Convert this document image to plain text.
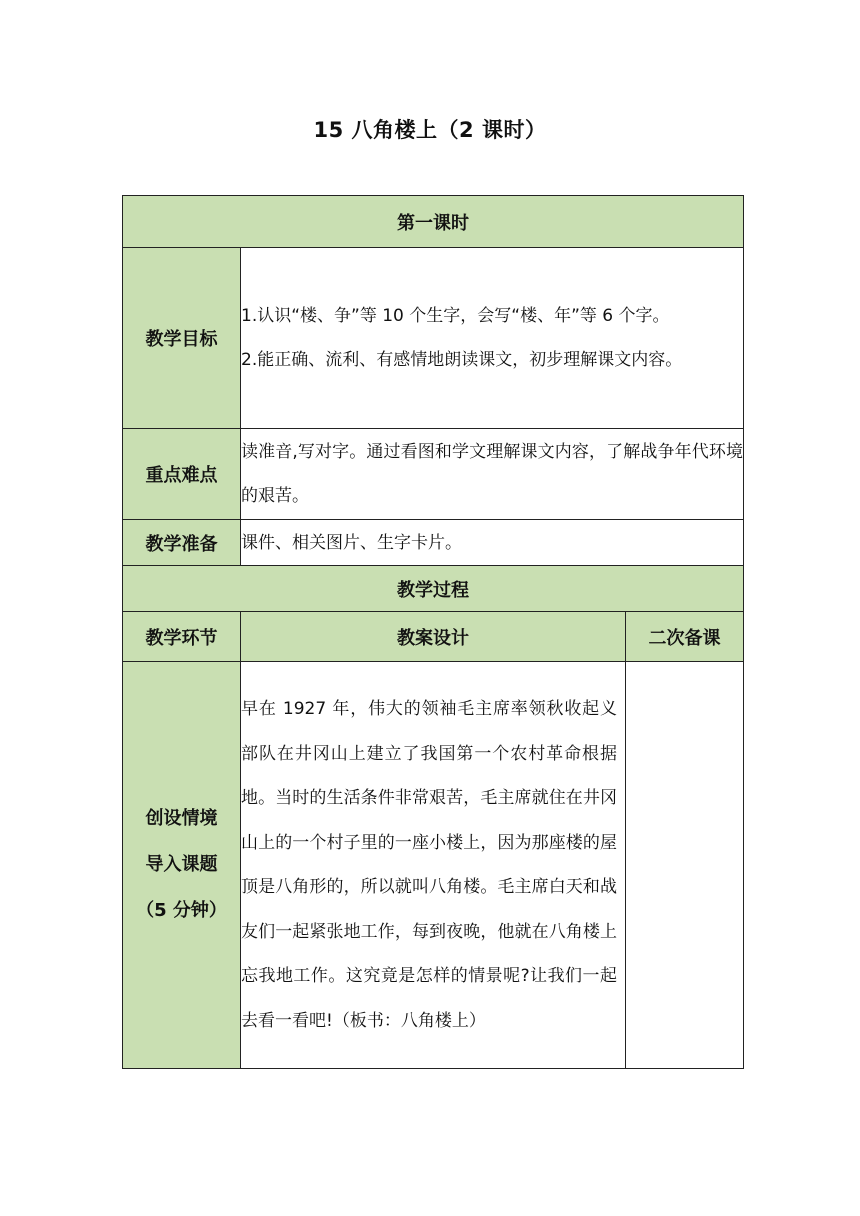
15 八角楼上（2 课时）
第一课时		
教学目标	1.认识“楼、争”等 10 个生字，会写“楼、年”等 6 个字。

2.能正确、流利、有感情地朗读课文，初步理解课文内容。	

重点难点	读准音,写对字。通过看图和学文理解课文内容，了解战争年代环境的艰苦。	
教学准备	课件、相关图片、生字卡片。	
教学过程		
教学环节	教案设计	二次备课

创设情境
导入课题
（5 分钟）	早在 1927 年，伟大的领袖毛主席率领秋收起义部队在井冈山上建立了我国第一个农村革命根据地。当时的生活条件非常艰苦，毛主席就住在井冈山上的一个村子里的一座小楼上，因为那座楼的屋顶是八角形的，所以就叫八角楼。毛主席白天和战友们一起紧张地工作，每到夜晚，他就在八角楼上忘我地工作。这究竟是怎样的情景呢?让我们一起去看一看吧!（板书：八角楼上）	
